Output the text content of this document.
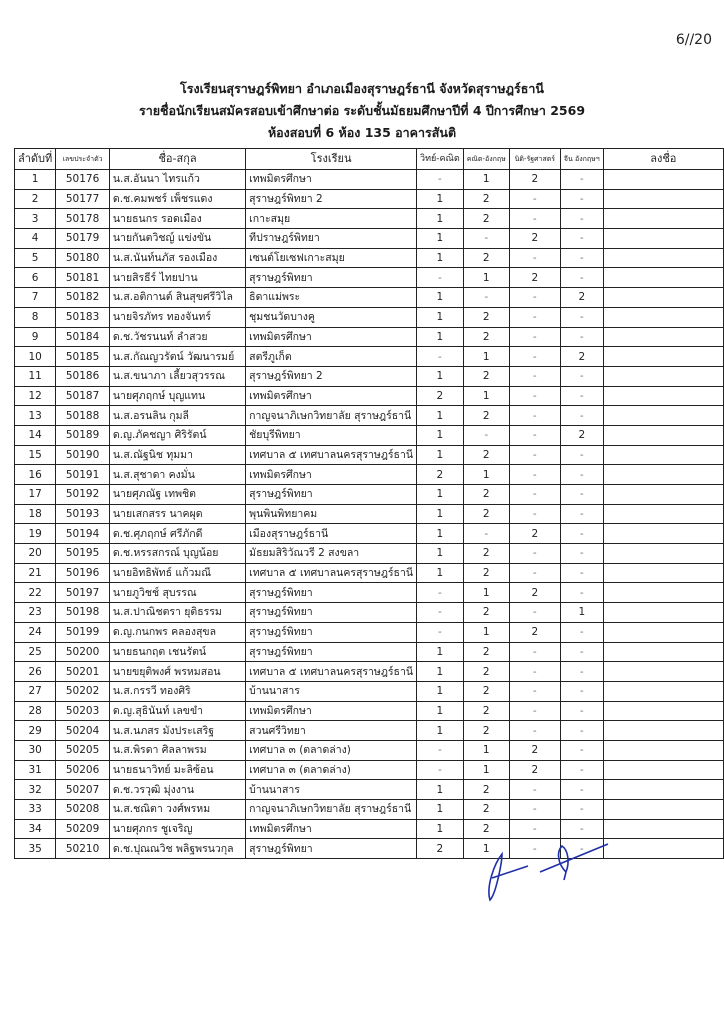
6//20
โรงเรียนสุราษฎร์พิทยา อำเภอเมืองสุราษฎร์ธานี จังหวัดสุราษฎร์ธานี
รายชื่อนักเรียนสมัครสอบเข้าศึกษาต่อ ระดับชั้นมัธยมศึกษาปีที่ 4 ปีการศึกษา 2569
ห้องสอบที่ 6 ห้อง 135 อาคารสันติ
ลำดับที่	เลขประจำตัว	ชื่อ-สกุล	โรงเรียน	วิทย์-คณิต	คณิต-อังกฤษ	นิติ-รัฐศาสตร์	จีน อังกฤษฯ	ลงชื่อ
1	50176	น.ส.อันนา ไทรแก้ว	เทพมิตรศึกษา	-	1	2	-	
2	50177	ด.ช.คมพชร์ เพ็ชรแดง	สุราษฎร์พิทยา 2	1	2	-	-	
3	50178	นายธนกร รอดเมือง	เกาะสมุย	1	2	-	-	
4	50179	นายกันตวิชญ์ แข่งขัน	ทีปราษฎร์พิทยา	1	-	2	-	
5	50180	น.ส.นันท์นภัส รองเมือง	เซนต์โยเซฟเกาะสมุย	1	2	-	-	
6	50181	นายสิรธีร์ ไทยปาน	สุราษฎร์พิทยา	-	1	2	-	
7	50182	น.ส.อติกานต์ สินสุขศรีวิไล	ธิดาแม่พระ	1	-	-	2	
8	50183	นายจิรภัทร ทองจันทร์	ชุมชนวัดบางคู	1	2	-	-	
9	50184	ด.ช.วัชรนนท์ ลำสวย	เทพมิตรศึกษา	1	2	-	-	
10	50185	น.ส.กัณญวรัตน์ วัฒนารมย์	สตรีภูเก็ต	-	1	-	2	
11	50186	น.ส.ขนาภา เลี้ยวสุวรรณ	สุราษฎร์พิทยา 2	1	2	-	-	
12	50187	นายศุภฤกษ์ บุญแทน	เทพมิตรศึกษา	2	1	-	-	
13	50188	น.ส.อรนลิน กุมลี	กาญจนาภิเษกวิทยาลัย สุราษฎร์ธานี	1	2	-	-	
14	50189	ด.ญ.ภัคชญา ศิริรัตน์	ชัยบุรีพิทยา	1	-	-	2	
15	50190	น.ส.ณัฐนิช ทุมมา	เทศบาล ๕ เทศบาลนครสุราษฎร์ธานี	1	2	-	-	
16	50191	น.ส.สุชาดา คงมั่น	เทพมิตรศึกษา	2	1	-	-	
17	50192	นายศุภณัฐ เทพชิต	สุราษฎร์พิทยา	1	2	-	-	
18	50193	นายเสกสรร นาคผุด	พุนพินพิทยาคม	1	2	-	-	
19	50194	ด.ช.ศุภฤกษ์ ศรีภักดี	เมืองสุราษฎร์ธานี	1	-	2	-	
20	50195	ด.ช.หรรสกรณ์ บุญน้อย	มัธยมสิริวัณวรี 2 สงขลา	1	2	-	-	
21	50196	นายอิทธิพัทธ์ แก้วมณี	เทศบาล ๕ เทศบาลนครสุราษฎร์ธานี	1	2	-	-	
22	50197	นายภูวิชช์ สุบรรณ	สุราษฎร์พิทยา	-	1	2	-	
23	50198	น.ส.ปาณิชตรา ยุติธรรม	สุราษฎร์พิทยา	-	2	-	1	
24	50199	ด.ญ.กนกพร คลองสุขล	สุราษฎร์พิทยา	-	1	2	-	
25	50200	นายธนกฤต เชนรัตน์	สุราษฎร์พิทยา	1	2	-	-	
26	50201	นายขยุติพงศ์ พรหมสอน	เทศบาล ๕ เทศบาลนครสุราษฎร์ธานี	1	2	-	-	
27	50202	น.ส.กรรวี ทองศิริ	บ้านนาสาร	1	2	-	-	
28	50203	ด.ญ.สุธินันท์ เลขขำ	เทพมิตรศึกษา	1	2	-	-	
29	50204	น.ส.นภสร มังประเสริฐ	สวนศรีวิทยา	1	2	-	-	
30	50205	น.ส.พิรดา ศิลลาพรม	เทศบาล ๓ (ตลาดล่าง)	-	1	2	-	
31	50206	นายธนาวิทย์ มะลิซ้อน	เทศบาล ๓ (ตลาดล่าง)	-	1	2	-	
32	50207	ด.ช.วรวุฒิ มุ่งงาน	บ้านนาสาร	1	2	-	-	
33	50208	น.ส.ชณิตา วงศ์พรหม	กาญจนาภิเษกวิทยาลัย สุราษฎร์ธานี	1	2	-	-	
34	50209	นายศุภกร ชูเจริญ	เทพมิตรศึกษา	1	2	-	-	
35	50210	ด.ช.ปุณณวิช พลิฐพรนวกุล	สุราษฎร์พิทยา	2	1	-	-	
